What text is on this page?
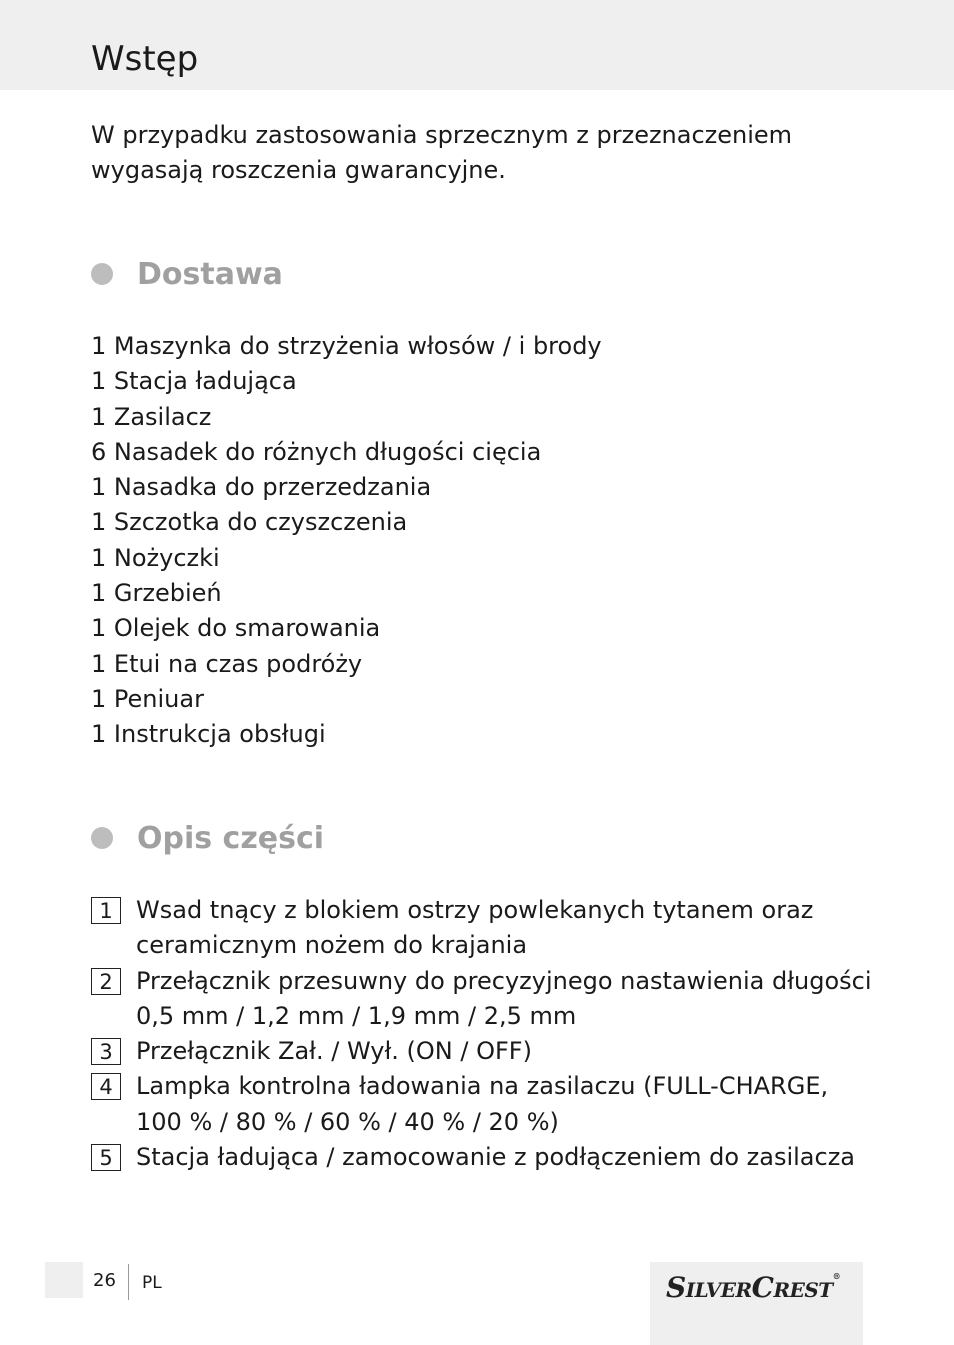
Wstęp

W przypadku zastosowania sprzecznym z przeznaczeniem wygasają roszczenia gwarancyjne.

Dostawa
1 Maszynka do strzyżenia włosów / i brody
1 Stacja ładująca
1 Zasilacz
6 Nasadek do różnych długości cięcia
1 Nasadka do przerzedzania
1 Szczotka do czyszczenia
1 Nożyczki
1 Grzebień
1 Olejek do smarowania
1 Etui na czas podróży
1 Peniuar
1 Instrukcja obsługi
Opis części
1 Wsad tnący z blokiem ostrzy powlekanych tytanem oraz ceramicznym nożem do krajania
2 Przełącznik przesuwny do precyzyjnego nastawienia długości 0,5 mm / 1,2 mm / 1,9 mm / 2,5 mm
3 Przełącznik Zał. / Wył. (ON / OFF)
4 Lampka kontrolna ładowania na zasilaczu (FULL-CHARGE, 100 % / 80 % / 60 % / 40 % / 20 %)
5 Stacja ładująca / zamocowanie z podłączeniem do zasilacza
26 PL	SILVERCREST®
